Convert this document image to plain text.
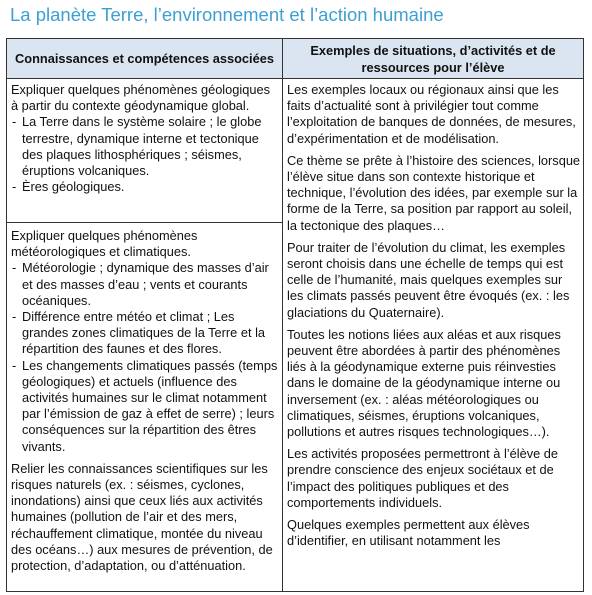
La planète Terre, l’environnement et l’action humaine
Connaissances et compétences associées
Exemples de situations, d’activités et de ressources pour l’élève

Expliquer quelques phénomènes géologiques à partir du contexte géodynamique global.

- La Terre dans le système solaire ; le globe terrestre, dynamique interne et tectonique des plaques lithosphériques ; séismes, éruptions volcaniques.
- Ères géologiques.

Expliquer quelques phénomènes météorologiques et climatiques.

- Météorologie ; dynamique des masses d’air et des masses d’eau ; vents et courants océaniques.
- Différence entre météo et climat ; Les grandes zones climatiques de la Terre et la répartition des faunes et des flores.
- Les changements climatiques passés (temps géologiques) et actuels (influence des activités humaines sur le climat notamment par l’émission de gaz à effet de serre) ; leurs conséquences sur la répartition des êtres vivants.

Relier les connaissances scientifiques sur les risques naturels (ex. : séismes, cyclones, inondations) ainsi que ceux liés aux activités humaines (pollution de l’air et des mers, réchauffement climatique, montée du niveau des océans…) aux mesures de prévention, de protection, d’adaptation, ou d’atténuation.

Les exemples locaux ou régionaux ainsi que les faits d’actualité sont à privilégier tout comme l’exploitation de banques de données, de mesures, d’expérimentation et de modélisation.

Ce thème se prête à l’histoire des sciences, lorsque l’élève situe dans son contexte historique et technique, l’évolution des idées, par exemple sur la forme de la Terre, sa position par rapport au soleil, la tectonique des plaques…

Pour traiter de l’évolution du climat, les exemples seront choisis dans une échelle de temps qui est celle de l’humanité, mais quelques exemples sur les climats passés peuvent être évoqués (ex. : les glaciations du Quaternaire).

Toutes les notions liées aux aléas et aux risques peuvent être abordées à partir des phénomènes liés à la géodynamique externe puis réinvesties dans le domaine de la géodynamique interne ou inversement (ex. : aléas météorologiques ou climatiques, séismes, éruptions volcaniques, pollutions et autres risques technologiques…).

Les activités proposées permettront à l’élève de prendre conscience des enjeux sociétaux et de l’impact des politiques publiques et des comportements individuels.

Quelques exemples permettent aux élèves d’identifier, en utilisant notamment les
